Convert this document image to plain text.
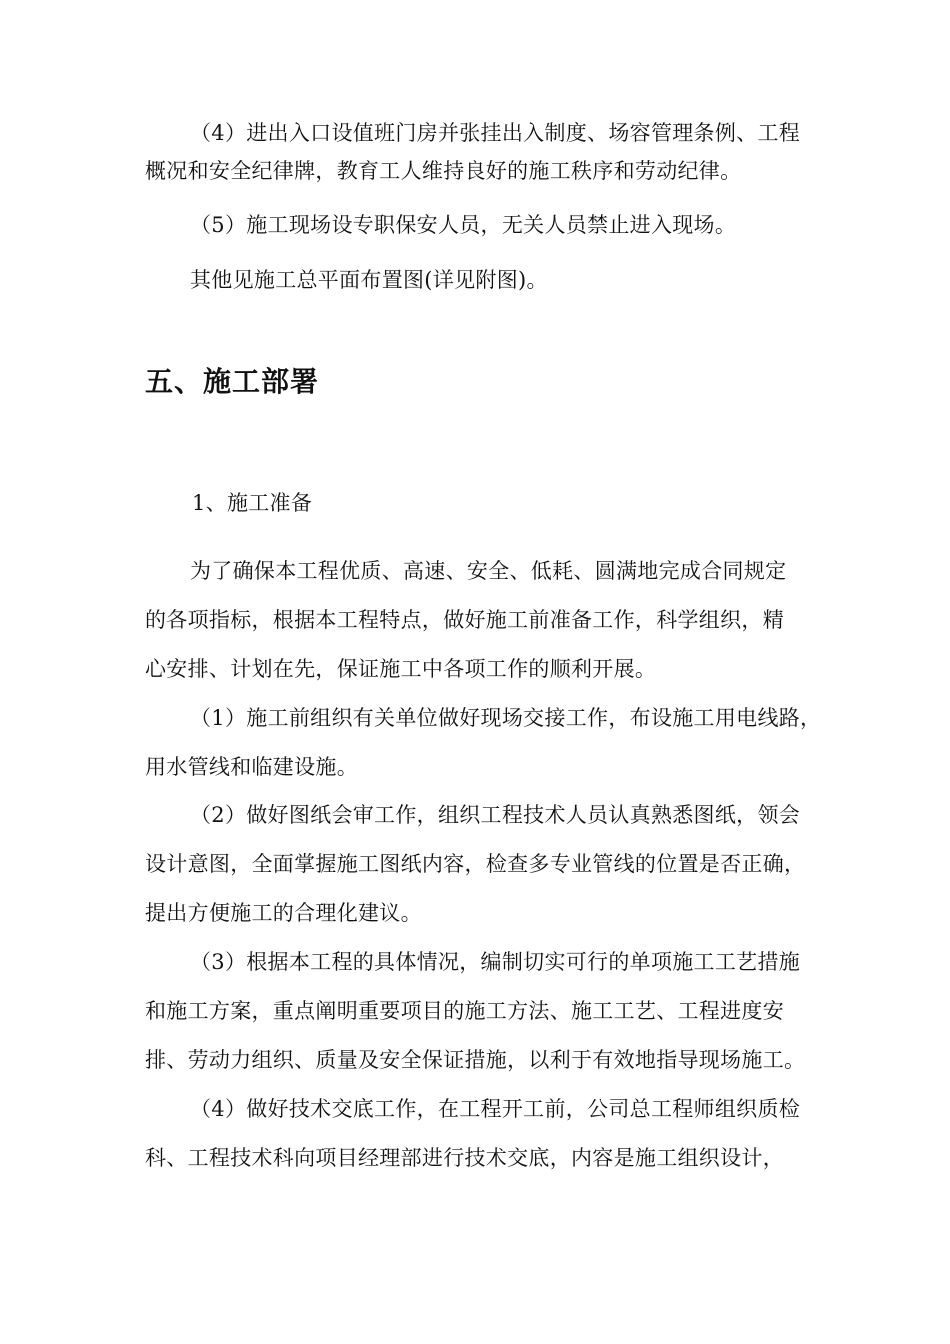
（4）进出入口设值班门房并张挂出入制度、场容管理条例、工程
概况和安全纪律牌，教育工人维持良好的施工秩序和劳动纪律。
（5）施工现场设专职保安人员，无关人员禁止进入现场。
其他见施工总平面布置图(详见附图)。
五、施工部署
1、施工准备
为了确保本工程优质、高速、安全、低耗、圆满地完成合同规定
的各项指标，根据本工程特点，做好施工前准备工作，科学组织，精
心安排、计划在先，保证施工中各项工作的顺利开展。
（1）施工前组织有关单位做好现场交接工作，布设施工用电线路，
用水管线和临建设施。
（2）做好图纸会审工作，组织工程技术人员认真熟悉图纸，领会
设计意图，全面掌握施工图纸内容，检查多专业管线的位置是否正确，
提出方便施工的合理化建议。
（3）根据本工程的具体情况，编制切实可行的单项施工工艺措施
和施工方案，重点阐明重要项目的施工方法、施工工艺、工程进度安
排、劳动力组织、质量及安全保证措施，以利于有效地指导现场施工。
（4）做好技术交底工作，在工程开工前，公司总工程师组织质检
科、工程技术科向项目经理部进行技术交底，内容是施工组织设计，
